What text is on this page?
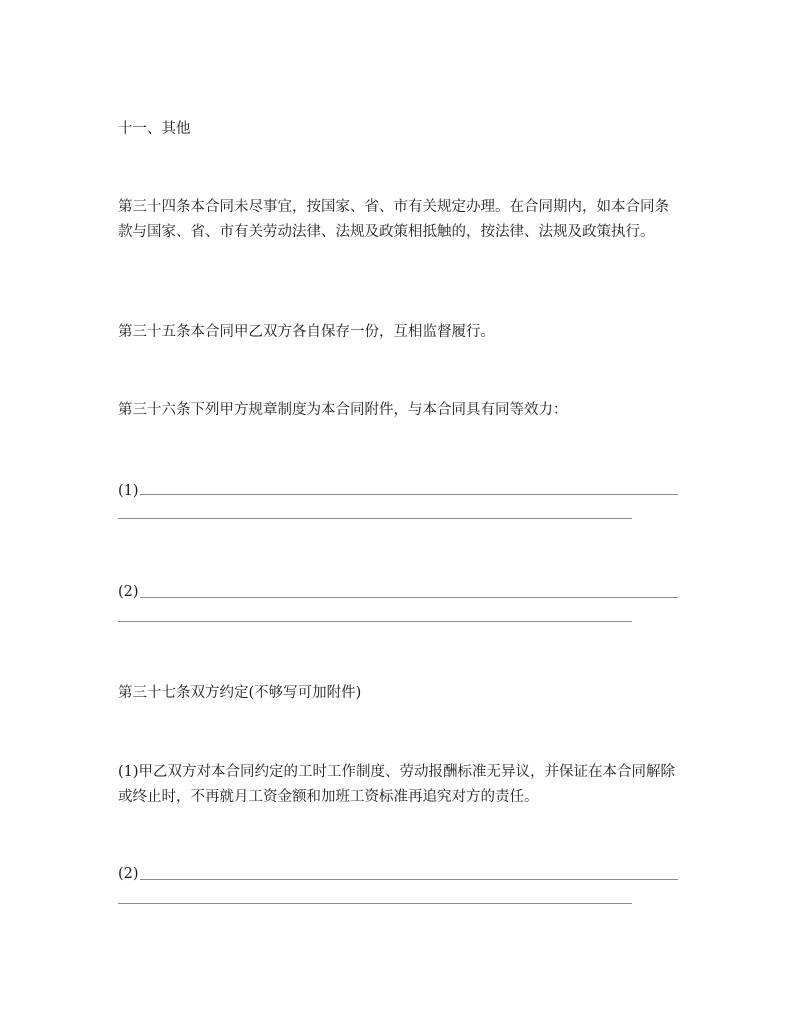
十一、其他

第三十四条本合同未尽事宜，按国家、省、市有关规定办理。在合同期内，如本合同条款与国家、省、市有关劳动法律、法规及政策相抵触的，按法律、法规及政策执行。

第三十五条本合同甲乙双方各自保存一份，互相监督履行。

第三十六条下列甲方规章制度为本合同附件，与本合同具有同等效力：

(1)
(2)

第三十七条双方约定(不够写可加附件)

(1)甲乙双方对本合同约定的工时工作制度、劳动报酬标准无异议，并保证在本合同解除或终止时，不再就月工资金额和加班工资标准再追究对方的责任。

(2)
